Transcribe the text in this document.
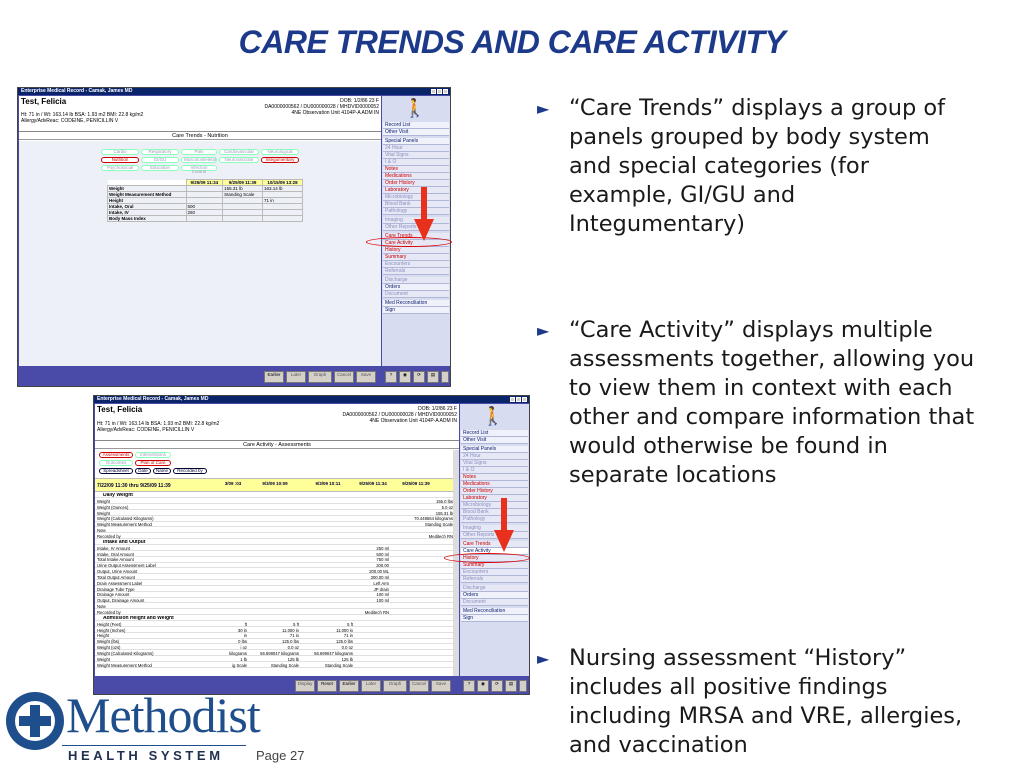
CARE TRENDS AND CARE ACTIVITY
Enterprise Medical Record - Camak, James MD
Test, Felicia
Ht: 71 in / Wt: 163.14 lb BSA: 1.93 m2 BMI: 22.8 kg/m2
Allergy/AdvReac: CODEINE, PENICILLIN V
DOB: 1/2/86 23 F
DA0000000562 / DU000000028 / MHDVID0000052
4NE Observation Unit 4104P-A ADM IN
Care Trends - Nutrition
Cardio	Respiratory	Pain	Cardiovascular	Neurological
Nutrition	GI/GU	Musculoskeletal	Neurovascular	Integumentary
Psychosocial	Education	Infection Control
	9/25/09 11:34	9/25/09 11:39	10/15/09 13:28
Weight		155.31 lb	163.14 lb
Weight Measurement Method		Standing Scale	
Height			71 in
Intake, Oral	500		
Intake, IV	250		
Body Mass Index			
🚶
Record List
Other Visit
Special Panels
24 Hour
Vital Signs
I & O
Notes
Medications
Order History
Laboratory
Microbiology
Blood Bank
Pathology
Imaging
Other Reports
Care Trends
Care Activity
History
Summary
Encounters
Referrals
Discharge
Orders
Document
Med Reconciliation
Sign
Earlier	Later	Graph	Cancel	Save	?	◉	⟳	▤
Enterprise Medical Record - Camak, James MD
Test, Felicia
Ht: 71 in / Wt: 163.14 lb BSA: 1.93 m2 BMI: 22.8 kg/m2
Allergy/AdvReac: CODEINE, PENICILLIN V
DOB: 1/2/86 23 F
DA0000000562 / DU000000028 / MHDVID0000052
4NE Observation Unit 4104P-A ADM IN
Care Activity - Assessments
Assessments	Interventions
Outcomes	Plan of Care
Spreadsheet	Date	Name	Recorded by
7/22/09 11:30 thru 9/25/09 11:39	3/09 :03	9/3/09 10:09	9/3/09 10:11	9/25/09 11:34	9/25/09 11:39
Daily Weight
Weight	155.0 lbs
Weight (Ounces)	5.0 oz
Weight	155.31 lb
Weight (Calculated Kilograms)	70.448564 kilograms
Weight Measurement Method	Standing Scale
Note
Recorded by	Meditech RN
Intake and Output
Intake, IV Amount	250 ml
Intake, Oral Amount	500 ml
Total Intake Amount	750 ml
Urine Output Assessment Label	200.00
Output, Urine Amount	200.00 ML
Total Output Amount	300.00 ml
Drain Assessment Label	Left Arm
Drainage Tube Type	JP drain
Drainage Amount	100 ml
Output, Drainage Amount	100 ml
Note
Recorded by	Meditech RN
Admission Height and Weight
Height (Feet)	ft	5 ft	5 ft
Height (Inches)	30 in	11.000 in	11.000 in
Height	in	71 in	71 in
Weight (lbs)	0 lbs	125.0 lbs	125.0 lbs
Weight (ozs)	i oz	0.0 oz	0.0 oz
Weight (Calculated Kilograms)	kilograms	56.699047 kilograms	56.699047 kilograms
Weight	1 lb	125 lb	125 lb
Weight Measurement Method	ig Scale	Standing Scale	Standing Scale
🚶
Record List
Other Visit
Special Panels
24 Hour
Vital Signs
I & O
Notes
Medications
Order History
Laboratory
Microbiology
Blood Bank
Pathology
Imaging
Other Reports
Care Trends
Care Activity
History
Summary
Encounters
Referrals
Discharge
Orders
Document
Med Reconciliation
Sign
Display	Reset	Earlier	Later	Graph	Cancel	Save	?	◉	⟳	▤
► “Care Trends” displays a group of panels grouped by body system and special categories (for example, GI/GU and Integumentary)
► “Care Activity” displays multiple assessments together, allowing you to view them in context with each other and compare information that would otherwise be found in separate locations
► Nursing assessment “History” includes all positive findings including MRSA and VRE, allergies, and vaccination
Methodist
HEALTH SYSTEM Page 27
